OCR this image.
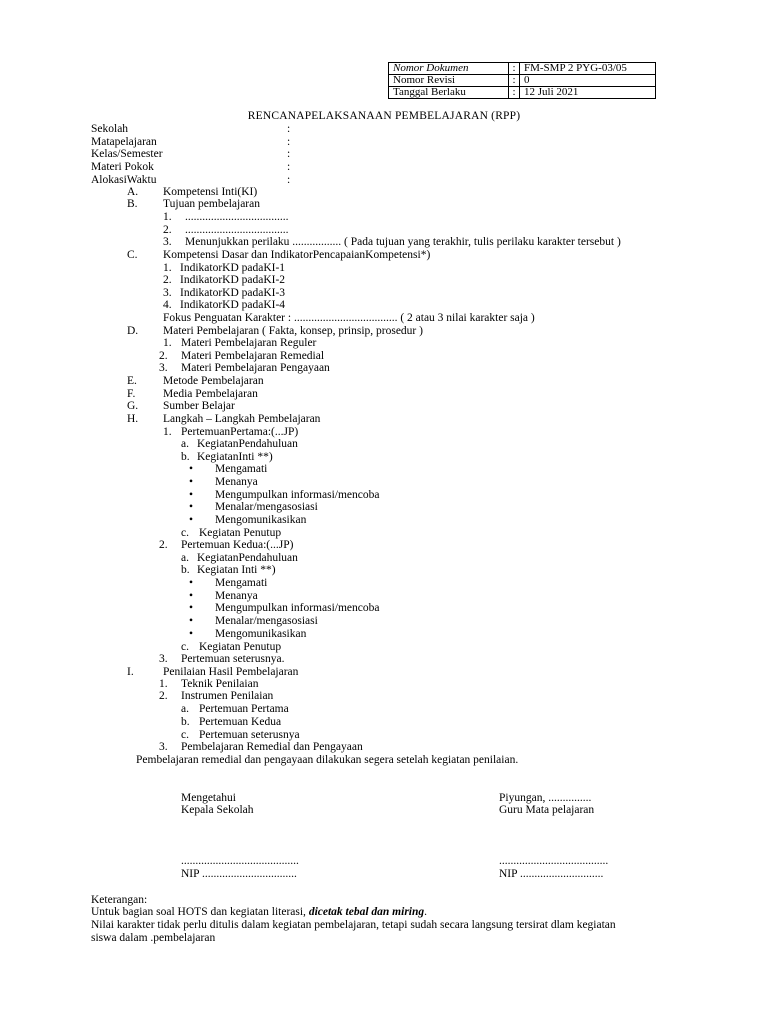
Nomor Dokumen	:	FM-SMP 2 PYG-03/05
Nomor Revisi	:	0
Tanggal Berlaku	:	12 Juli 2021
RENCANAPELAKSANAAN PEMBELAJARAN (RPP)
Sekolah	:
Matapelajaran	:
Kelas/Semester	:
Materi Pokok	:
AlokasiWaktu	:
A. Kompetensi Inti(KI)
B. Tujuan pembelajaran
1. ....................................
2. ....................................
3. Menunjukkan perilaku ................. ( Pada tujuan yang terakhir, tulis perilaku karakter tersebut )
C. Kompetensi Dasar dan IndikatorPencapaianKompetensi*)
1. IndikatorKD padaKI-1
2. IndikatorKD padaKI-2
3. IndikatorKD padaKI-3
4. IndikatorKD padaKI-4
Fokus Penguatan Karakter : .................................... ( 2 atau 3 nilai karakter saja )
D. Materi Pembelajaran ( Fakta, konsep, prinsip, prosedur )
1. Materi Pembelajaran Reguler
2. Materi Pembelajaran Remedial
3. Materi Pembelajaran Pengayaan
E. Metode Pembelajaran
F. Media Pembelajaran
G. Sumber Belajar
H. Langkah – Langkah Pembelajaran
1. PertemuanPertama:(...JP)
a. KegiatanPendahuluan
b. KegiatanInti **)
•
Mengamati
•
Menanya
•
Mengumpulkan informasi/mencoba
•
Menalar/mengasosiasi
•
Mengomunikasikan
c. Kegiatan Penutup
2. Pertemuan Kedua:(...JP)
a. KegiatanPendahuluan
b. Kegiatan Inti **)
•
Mengamati
•
Menanya
•
Mengumpulkan informasi/mencoba
•
Menalar/mengasosiasi
•
Mengomunikasikan
c. Kegiatan Penutup
3. Pertemuan seterusnya.
I.	Penilaian Hasil Pembelajaran
1. Teknik Penilaian
2. Instrumen Penilaian
a. Pertemuan Pertama
b. Pertemuan Kedua
c. Pertemuan seterusnya
3. Pembelajaran Remedial dan Pengayaan
Pembelajaran remedial dan pengayaan dilakukan segera setelah kegiatan penilaian.
Mengetahui
Kepala Sekolah
Piyungan, ...............
Guru Mata pelajaran
.........................................
NIP .................................
......................................
NIP .............................
Keterangan:
Untuk bagian soal HOTS dan kegiatan literasi, dicetak tebal dan miring.
Nilai karakter tidak perlu ditulis dalam kegiatan pembelajaran, tetapi sudah secara langsung tersirat dlam kegiatan
siswa dalam .pembelajaran
